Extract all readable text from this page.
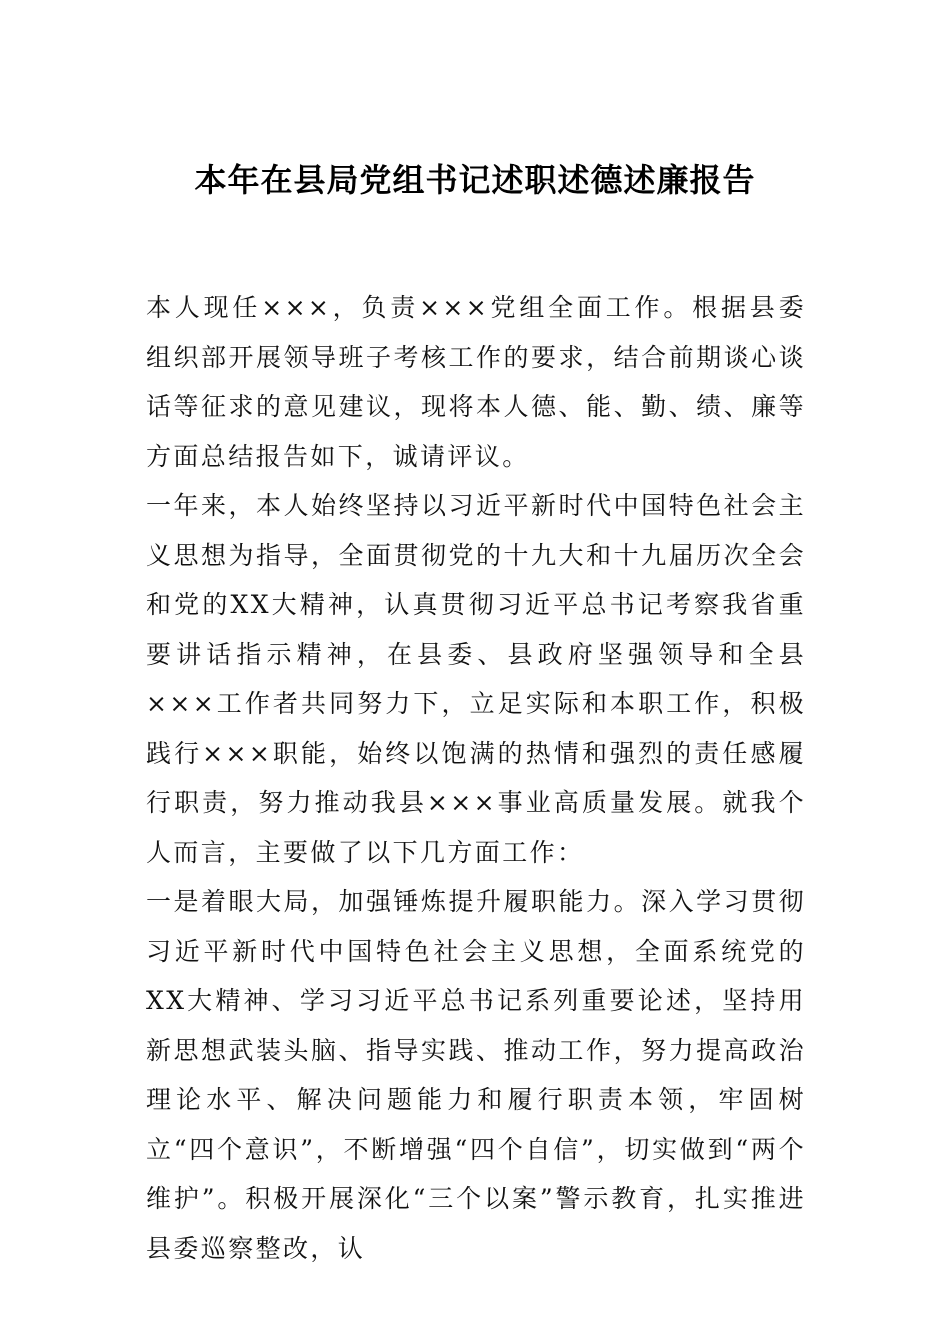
本年在县局党组书记述职述德述廉报告

本人现任×××，负责×××党组全面工作。根据县委组织部开展领导班子考核工作的要求，结合前期谈心谈话等征求的意见建议，现将本人德、能、勤、绩、廉等方面总结报告如下，诚请评议。

一年来，本人始终坚持以习近平新时代中国特色社会主义思想为指导，全面贯彻党的十九大和十九届历次全会和党的XX大精神，认真贯彻习近平总书记考察我省重要讲话指示精神，在县委、县政府坚强领导和全县×××工作者共同努力下，立足实际和本职工作，积极践行×××职能，始终以饱满的热情和强烈的责任感履行职责，努力推动我县×××事业高质量发展。就我个人而言，主要做了以下几方面工作：

一是着眼大局，加强锤炼提升履职能力。深入学习贯彻习近平新时代中国特色社会主义思想，全面系统党的XX大精神、学习习近平总书记系列重要论述，坚持用新思想武装头脑、指导实践、推动工作，努力提高政治理论水平、解决问题能力和履行职责本领，牢固树立“四个意识”，不断增强“四个自信”，切实做到“两个维护”。积极开展深化“三个以案”警示教育，扎实推进县委巡察整改，认
